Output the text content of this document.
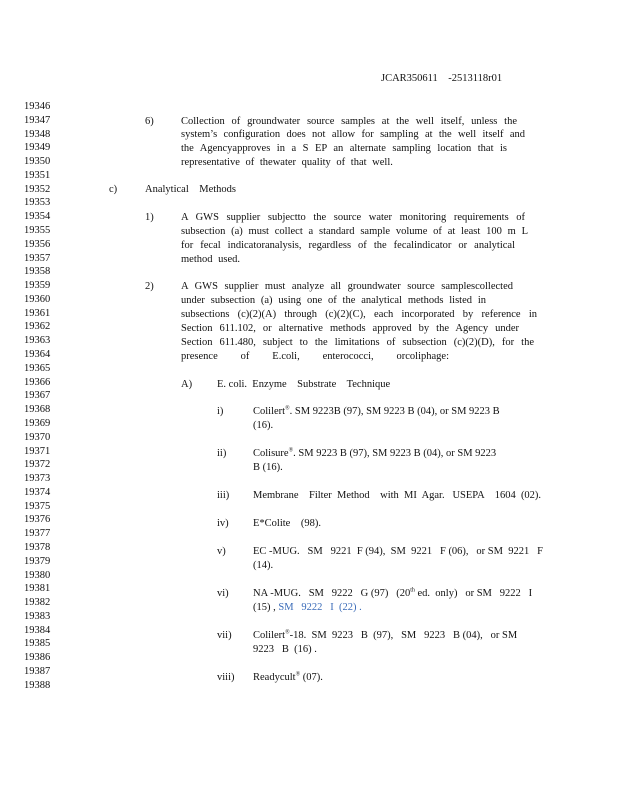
JCAR350611    -2513118r01
19346
19347
19348
19349
19350
19351
19352
19353
19354
19355
19356
19357
19358
19359
19360
19361
19362
19363
19364
19365
19366
19367
19368
19369
19370
19371
19372
19373
19374
19375
19376
19377
19378
19379
19380
19381
19382
19383
19384
19385
19386
19387
19388
6)	Collection of groundwater source samples at the well itself, unless the
system’s configuration does not allow for sampling at the well itself and
the Agencyapproves in a S EP an alternate sampling location that is
representative of thewater quality of that well.
c)	Analytical    Methods
1)	A GWS supplier subjectto the source water monitoring requirements of
subsection (a) must collect a standard sample volume of at least 100 m L
for fecal indicatoranalysis, regardless of the fecalindicator or analytical
method used.
2)	A GWS supplier must analyze all groundwater source samplescollected
under subsection (a) using one of the analytical methods listed in
subsections (c)(2)(A) through (c)(2)(C), each incorporated by reference in
Section 611.102, or alternative methods approved by the Agency under
Section 611.480, subject to the limitations of subsection (c)(2)(D), for the
presence of E.coli, enterococci, orcoliphage:
A) E. coli.  Enzyme    Substrate    Technique
i)	Colilert®. SM 9223B (97), SM 9223 B (04), or SM 9223 B
(16).
ii)	Colisure®. SM 9223 B (97), SM 9223 B (04), or SM 9223
B (16).
iii) Membrane    Filter  Method    with  MI  Agar.   USEPA    1604  (02).
iv) E*Colite    (98).
v)	EC -MUG.   SM   9221  F (94),  SM  9221   F (06),   or SM  9221   F
(14).
vi) NA -MUG.   SM   9222   G (97)   (20th ed.  only)   or SM   9222   I
(15) , SM   9222   I  (22) .
vii) Colilert®-18.  SM  9223   B  (97),   SM   9223   B (04),   or SM
9223   B  (16) .
viii) Readycult® (07).
